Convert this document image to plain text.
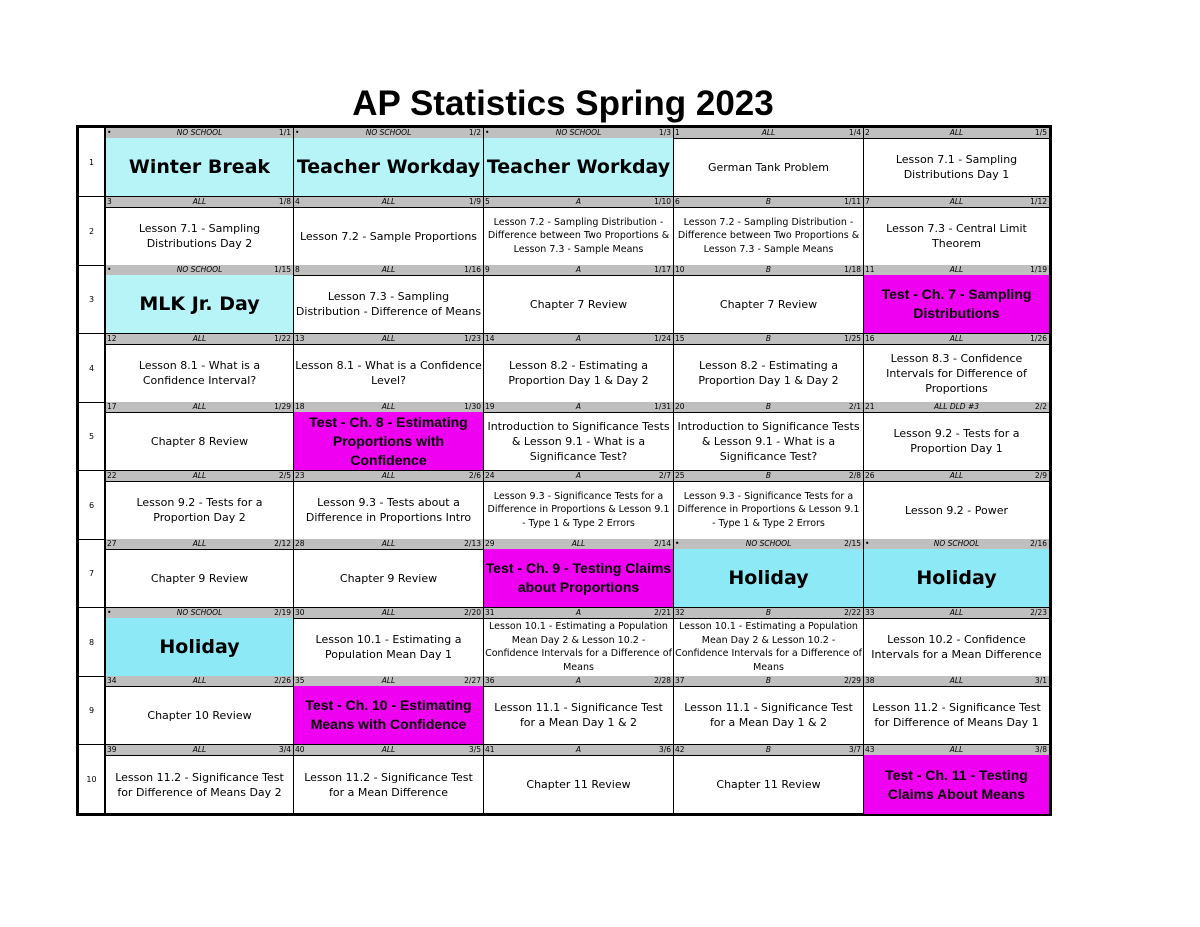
AP Statistics Spring 2023
1
NO SCHOOL
•	1/1
Winter Break
NO SCHOOL
•	1/2
Teacher Workday
NO SCHOOL
•	1/3
Teacher Workday
ALL
1	1/4
German Tank Problem
ALL
2	1/5
Lesson 7.1 - Sampling Distributions Day 1
2
ALL
3	1/8
Lesson 7.1 - Sampling Distributions Day 2
ALL
4	1/9
Lesson 7.2 - Sample Proportions
A
5	1/10
Lesson 7.2 - Sampling Distribution - Difference between Two Proportions & Lesson 7.3 - Sample Means
B
6	1/11
Lesson 7.2 - Sampling Distribution - Difference between Two Proportions & Lesson 7.3 - Sample Means
ALL
7	1/12
Lesson 7.3 - Central Limit Theorem
3
NO SCHOOL
•	1/15
MLK Jr. Day
ALL
8	1/16
Lesson 7.3 - Sampling Distribution - Difference of Means
A
9	1/17
Chapter 7 Review
B
10	1/18
Chapter 7 Review
ALL
11	1/19
Test - Ch. 7 - Sampling Distributions
4
ALL
12	1/22
Lesson 8.1 - What is a Confidence Interval?
ALL
13	1/23
Lesson 8.1 - What is a Confidence Level?
A
14	1/24
Lesson 8.2 - Estimating a Proportion Day 1 & Day 2
B
15	1/25
Lesson 8.2 - Estimating a Proportion Day 1 & Day 2
ALL
16	1/26
Lesson 8.3 - Confidence Intervals for Difference of Proportions
5
ALL
17	1/29
Chapter 8 Review
ALL
18	1/30
Test - Ch. 8 - Estimating Proportions with Confidence
A
19	1/31
Introduction to Significance Tests & Lesson 9.1 - What is a Significance Test?
B
20	2/1
Introduction to Significance Tests & Lesson 9.1 - What is a Significance Test?
ALL DLD #3
21	2/2
Lesson 9.2 - Tests for a Proportion Day 1
6
ALL
22	2/5
Lesson 9.2 - Tests for a Proportion Day 2
ALL
23	2/6
Lesson 9.3 - Tests about a Difference in Proportions Intro
A
24	2/7
Lesson 9.3 - Significance Tests for a Difference in Proportions & Lesson 9.1 - Type 1 & Type 2 Errors
B
25	2/8
Lesson 9.3 - Significance Tests for a Difference in Proportions & Lesson 9.1 - Type 1 & Type 2 Errors
ALL
26	2/9
Lesson 9.2 - Power
7
ALL
27	2/12
Chapter 9 Review
ALL
28	2/13
Chapter 9 Review
ALL
29	2/14
Test - Ch. 9 - Testing Claims about Proportions
NO SCHOOL
•	2/15
Holiday
NO SCHOOL
•	2/16
Holiday
8
NO SCHOOL
•	2/19
Holiday
ALL
30	2/20
Lesson 10.1 - Estimating a Population Mean Day 1
A
31	2/21
Lesson 10.1 - Estimating a Population Mean Day 2 & Lesson 10.2 - Confidence Intervals for a Difference of Means
B
32	2/22
Lesson 10.1 - Estimating a Population Mean Day 2 & Lesson 10.2 - Confidence Intervals for a Difference of Means
ALL
33	2/23
Lesson 10.2 - Confidence Intervals for a Mean Difference
9
ALL
34	2/26
Chapter 10 Review
ALL
35	2/27
Test - Ch. 10 - Estimating Means with Confidence
A
36	2/28
Lesson 11.1 - Significance Test for a Mean Day 1 & 2
B
37	2/29
Lesson 11.1 - Significance Test for a Mean Day 1 & 2
ALL
38	3/1
Lesson 11.2 - Significance Test for Difference of Means Day 1
10
ALL
39	3/4
Lesson 11.2 - Significance Test for Difference of Means Day 2
ALL
40	3/5
Lesson 11.2 - Significance Test for a Mean Difference
A
41	3/6
Chapter 11 Review
B
42	3/7
Chapter 11 Review
ALL
43	3/8
Test - Ch. 11 - Testing Claims About Means
